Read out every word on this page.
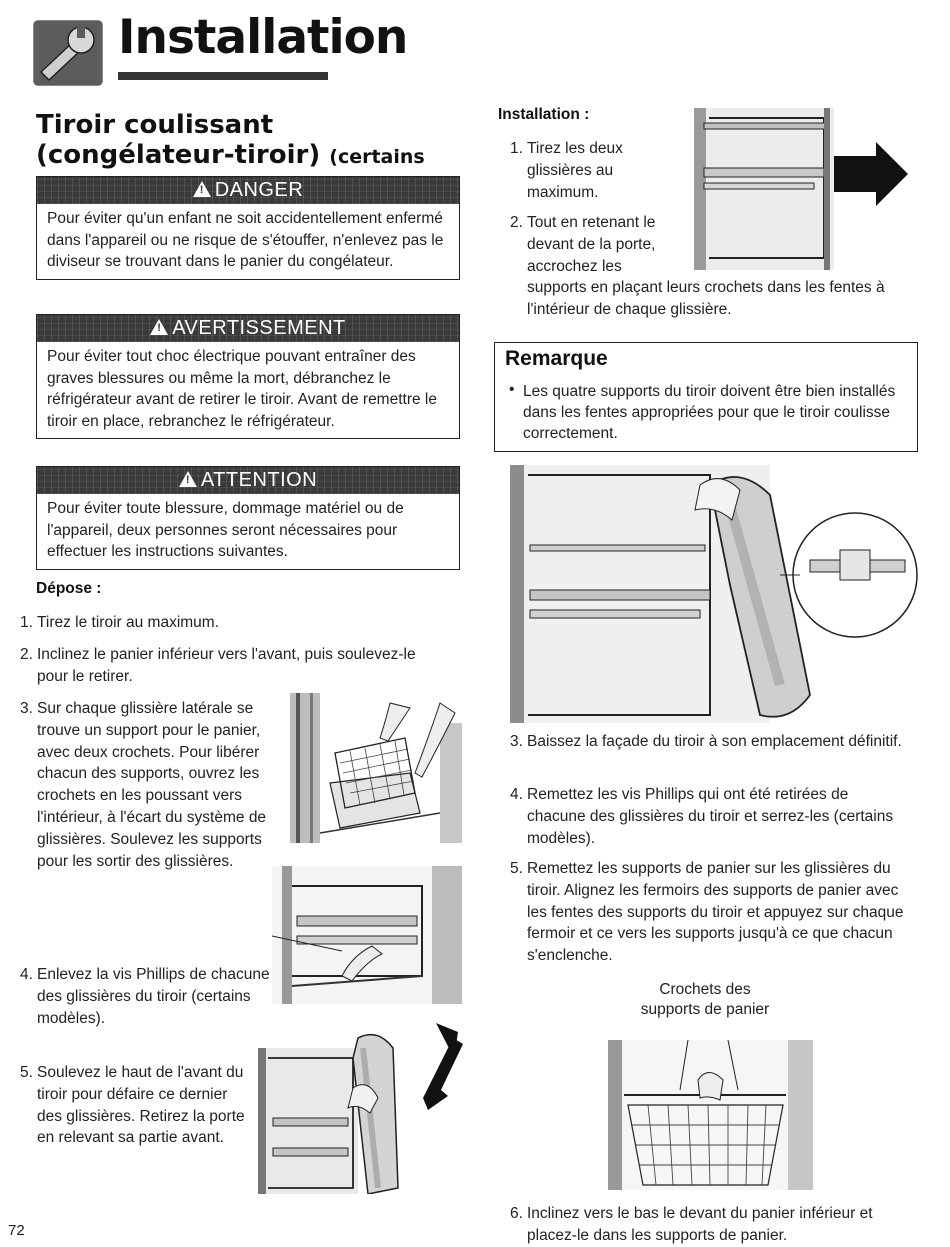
Installation
Tiroir coulissant (congélateur-tiroir) (certains
!DANGER
Pour éviter qu'un enfant ne soit accidentellement enfermé dans l'appareil ou ne risque de s'étouffer, n'enlevez pas le diviseur se trouvant dans le panier du congélateur.
!AVERTISSEMENT
Pour éviter tout choc électrique pouvant entraîner des graves blessures ou même la mort, débranchez le réfrigérateur avant de retirer le tiroir. Avant de remettre le tiroir en place, rebranchez le réfrigérateur.
!ATTENTION
Pour éviter toute blessure, dommage matériel ou de l'appareil, deux personnes seront nécessaires pour effectuer les instructions suivantes.
Dépose :
1. Tirez le tiroir au maximum.
2. Inclinez le panier inférieur vers l'avant, puis soulevez-le pour le retirer.
3. Sur chaque glissière latérale se trouve un support pour le panier, avec deux crochets. Pour libérer chacun des supports, ouvrez les crochets en les poussant vers l'intérieur, à l'écart du système de glissières. Soulevez les supports pour les sortir des glissières.
4. Enlevez la vis Phillips de chacune des glissières du tiroir (certains modèles).
5. Soulevez le haut de l'avant du tiroir pour défaire ce dernier des glissières. Retirez la porte en relevant sa partie avant.
Installation :
1. Tirez les deux glissières au maximum.
2. Tout en retenant le
devant de la porte,
accrochez les
supports en plaçant leurs crochets dans les fentes à l'intérieur de chaque glissière.
Remarque
• Les quatre supports du tiroir doivent être bien installés dans les fentes appropriées pour que le tiroir coulisse correctement.
3. Baissez la façade du tiroir à son emplacement définitif.
4. Remettez les vis Phillips qui ont été retirées de chacune des glissières du tiroir et serrez-les (certains modèles).
5. Remettez les supports de panier sur les glissières du tiroir. Alignez les fermoirs des supports de panier avec les fentes des supports du tiroir et appuyez sur chaque fermoir et ce vers les supports jusqu'à ce que chacun s'enclenche.
Crochets des supports de panier
6. Inclinez vers le bas le devant du panier inférieur et placez-le dans les supports de panier.
72
